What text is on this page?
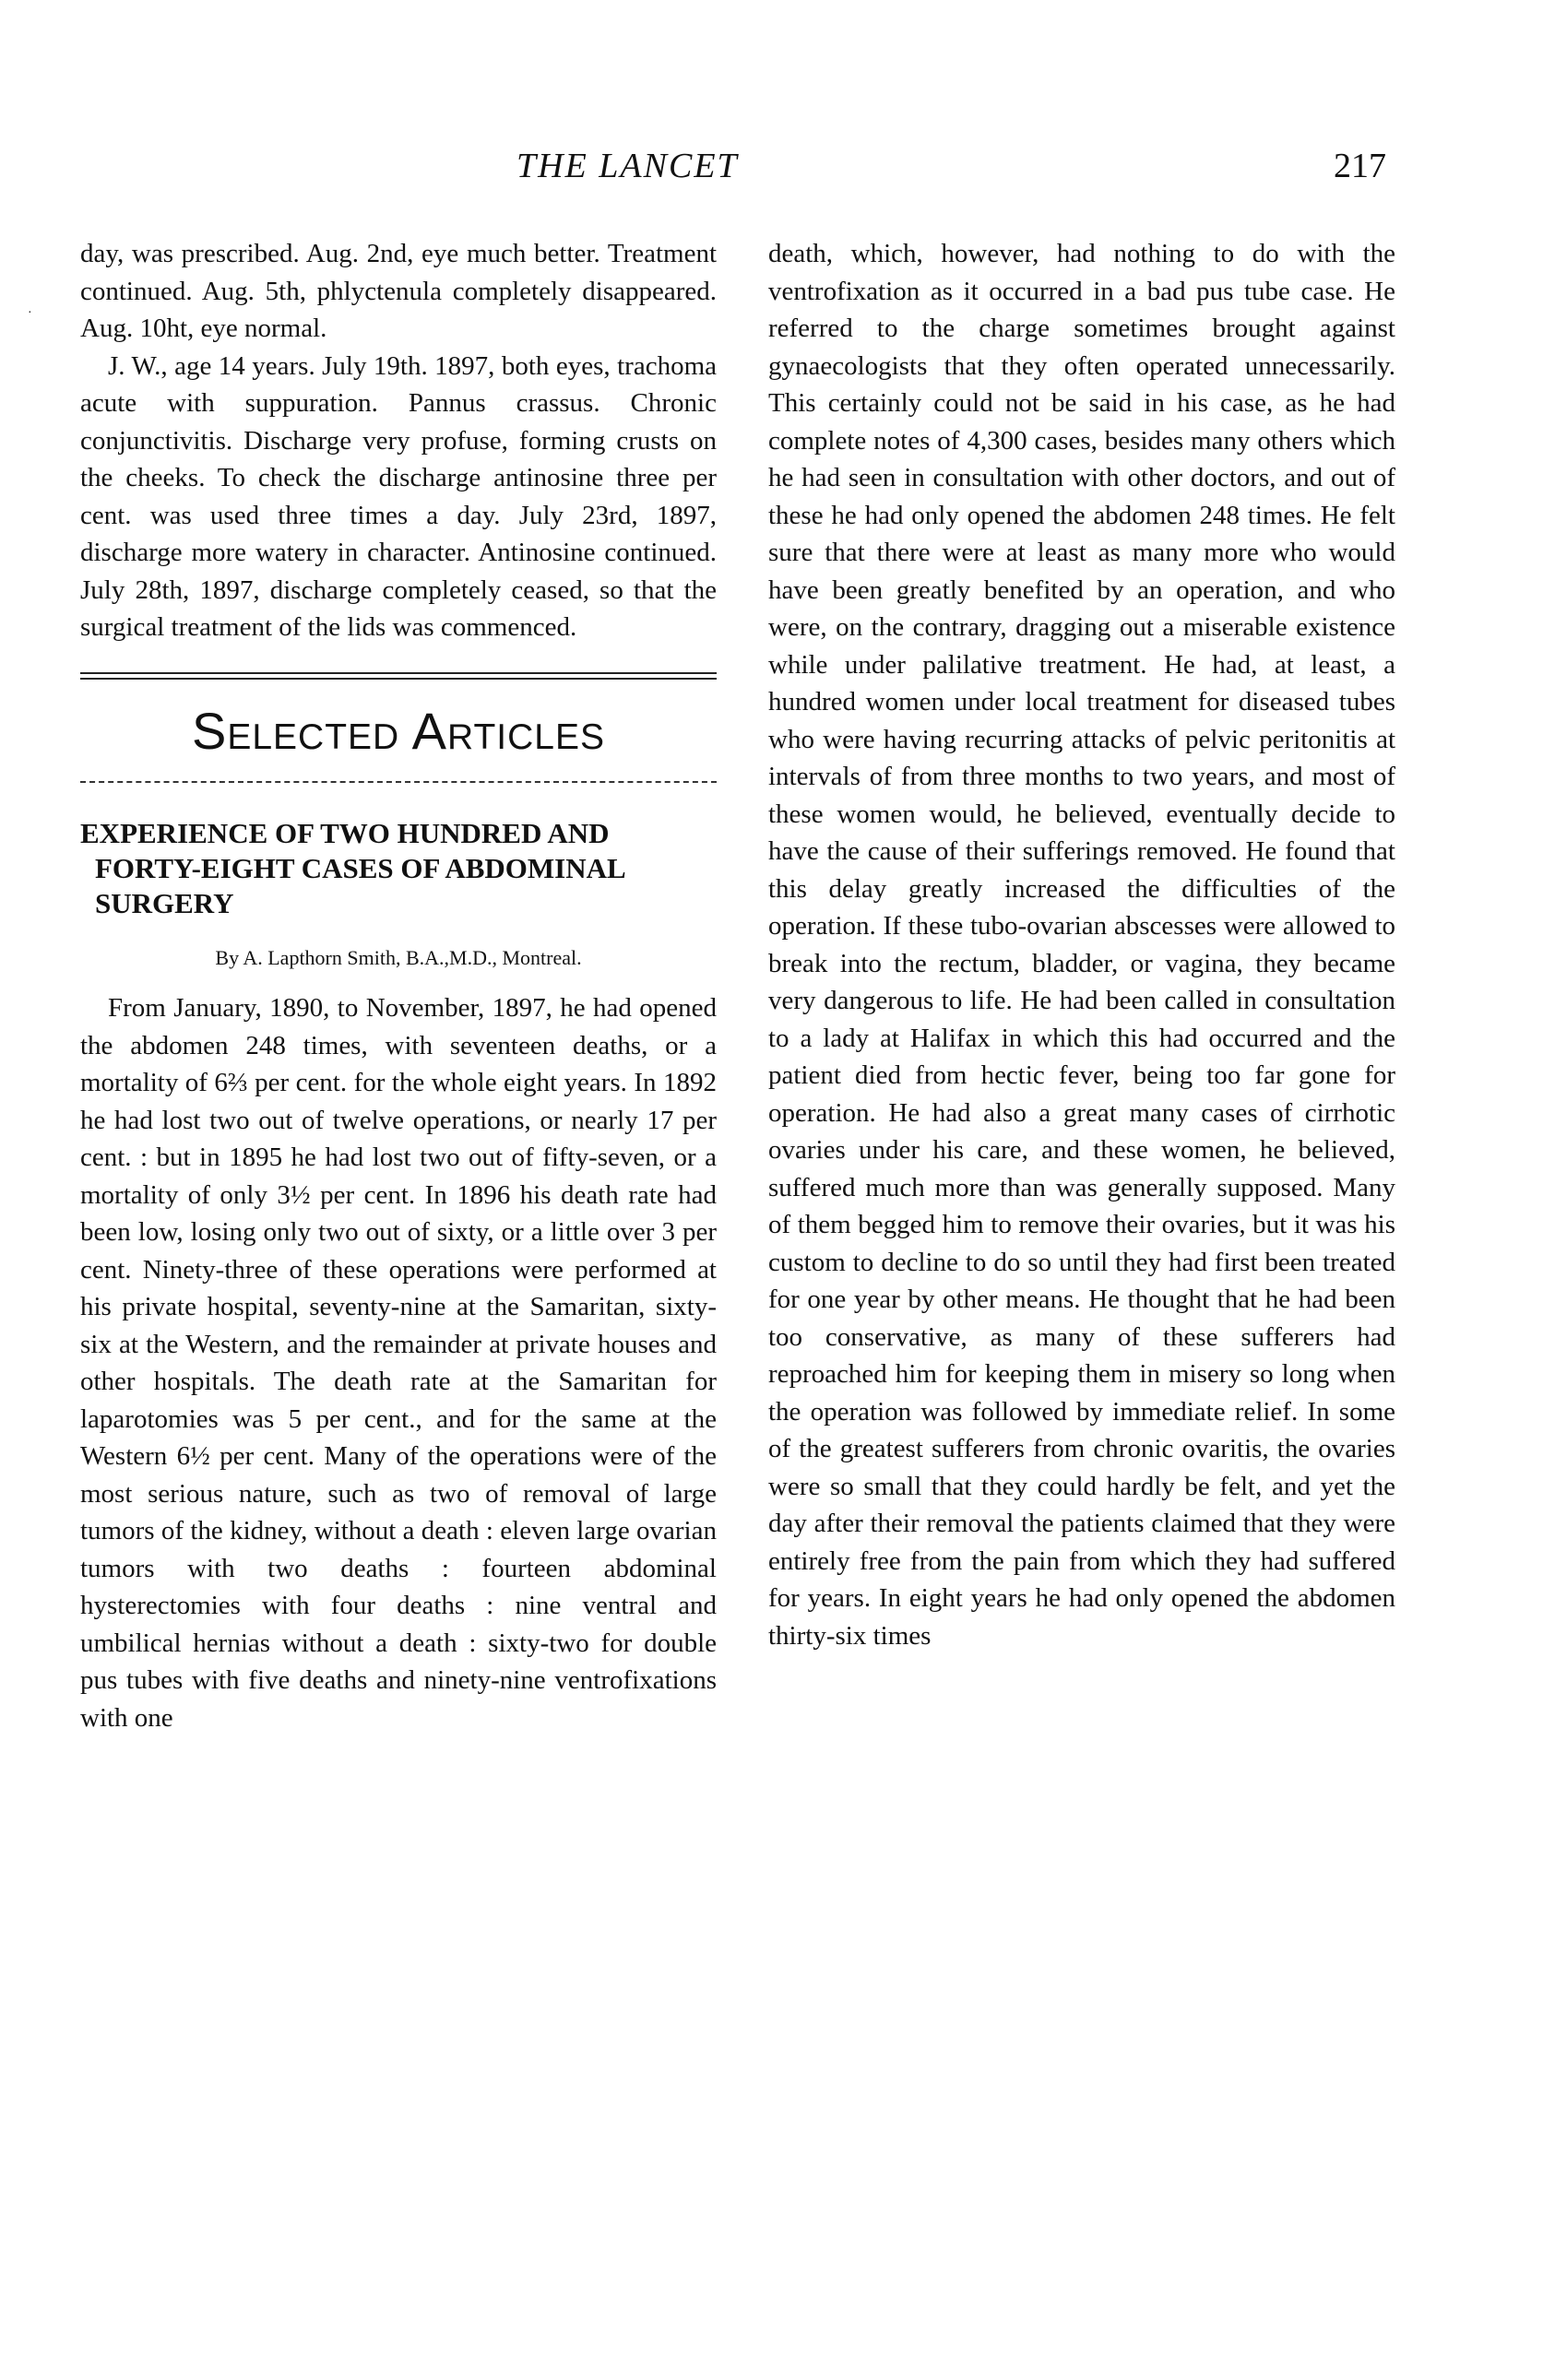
THE LANCET	217
·

day, was prescribed. Aug. 2nd, eye much better. Treatment continued. Aug. 5th, phlyctenula completely disappeared. Aug. 10ht, eye normal.

J. W., age 14 years. July 19th. 1897, both eyes, trachoma acute with suppuration. Pannus crassus. Chronic conjunctivitis. Discharge very profuse, forming crusts on the cheeks. To check the discharge antinosine three per cent. was used three times a day. July 23rd, 1897, discharge more watery in character. Antinosine continued. July 28th, 1897, discharge completely ceased, so that the surgical treatment of the lids was commenced.

Selected Articles
EXPERIENCE OF TWO HUNDRED AND FORTY-EIGHT CASES OF ABDOMINAL SURGERY
By A. Lapthorn Smith, B.A.,M.D., Montreal.

From January, 1890, to November, 1897, he had opened the abdomen 248 times, with seventeen deaths, or a mortality of 6⅔ per cent. for the whole eight years. In 1892 he had lost two out of twelve operations, or nearly 17 per cent. : but in 1895 he had lost two out of fifty-seven, or a mortality of only 3½ per cent. In 1896 his death rate had been low, losing only two out of sixty, or a little over 3 per cent. Ninety-three of these operations were performed at his private hospital, seventy-nine at the Samaritan, sixty-six at the Western, and the remainder at private houses and other hospitals. The death rate at the Samaritan for laparotomies was 5 per cent., and for the same at the Western 6½ per cent. Many of the operations were of the most serious nature, such as two of removal of large tumors of the kidney, without a death : eleven large ovarian tumors with two deaths : fourteen abdominal hysterectomies with four deaths : nine ventral and umbilical hernias without a death : sixty-two for double pus tubes with five deaths and ninety-nine ventrofixations with one

death, which, however, had nothing to do with the ventrofixation as it occurred in a bad pus tube case. He referred to the charge sometimes brought against gynaecologists that they often operated unnecessarily. This certainly could not be said in his case, as he had complete notes of 4,300 cases, besides many others which he had seen in consultation with other doctors, and out of these he had only opened the abdomen 248 times. He felt sure that there were at least as many more who would have been greatly benefited by an operation, and who were, on the contrary, dragging out a miserable existence while under palilative treatment. He had, at least, a hundred women under local treatment for diseased tubes who were having recurring attacks of pelvic peritonitis at intervals of from three months to two years, and most of these women would, he believed, eventually decide to have the cause of their sufferings removed. He found that this delay greatly increased the difficulties of the operation. If these tubo-ovarian abscesses were allowed to break into the rectum, bladder, or vagina, they became very dangerous to life. He had been called in consultation to a lady at Halifax in which this had occurred and the patient died from hectic fever, being too far gone for operation. He had also a great many cases of cirrhotic ovaries under his care, and these women, he believed, suffered much more than was generally supposed. Many of them begged him to remove their ovaries, but it was his custom to decline to do so until they had first been treated for one year by other means. He thought that he had been too conservative, as many of these sufferers had reproached him for keeping them in misery so long when the operation was followed by immediate relief. In some of the greatest sufferers from chronic ovaritis, the ovaries were so small that they could hardly be felt, and yet the day after their removal the patients claimed that they were entirely free from the pain from which they had suffered for years. In eight years he had only opened the abdomen thirty-six times
